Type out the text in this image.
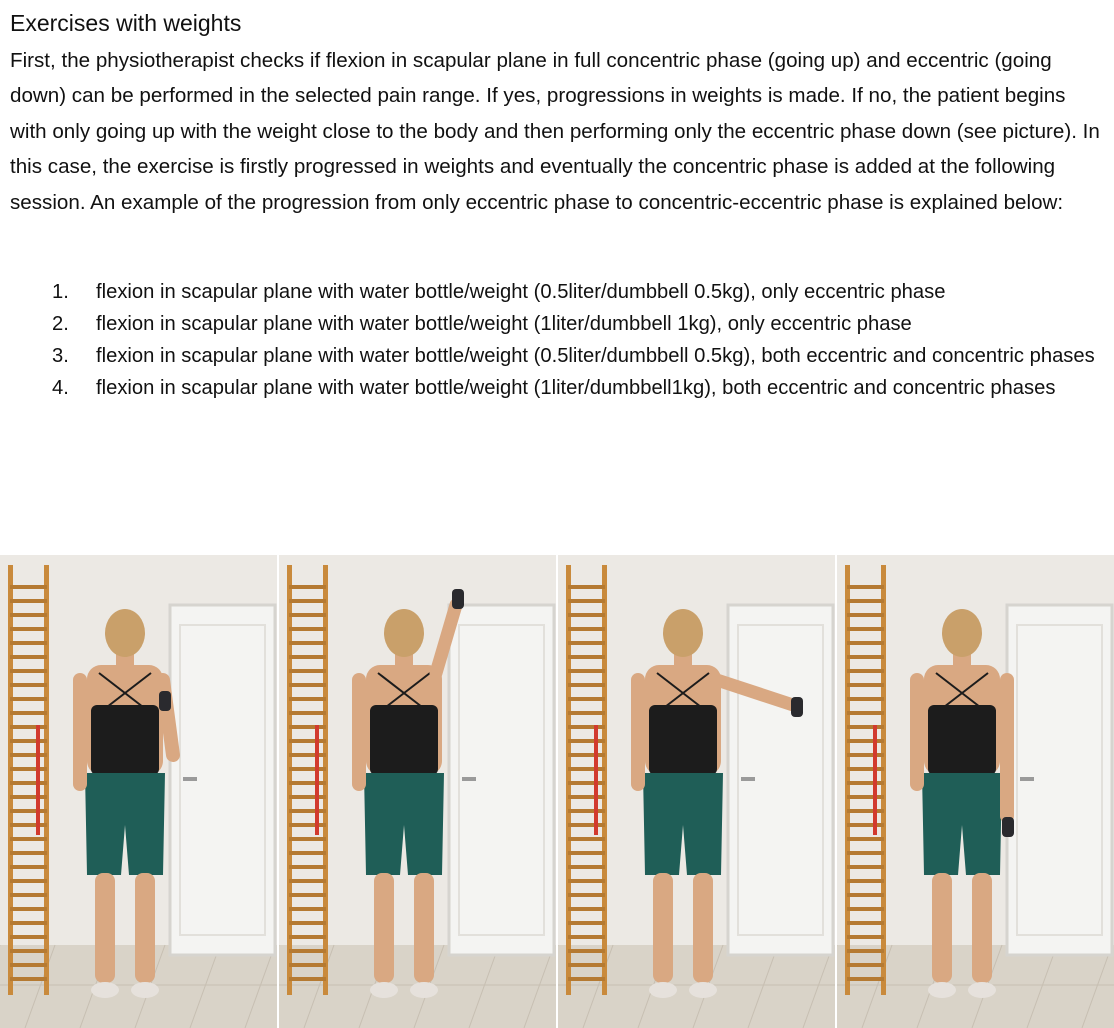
Exercises with weights

First, the physiotherapist checks if flexion in scapular plane in full concentric phase (going up) and eccentric (going down) can be performed in the selected pain range. If yes, progressions in weights is made. If no, the patient begins with only going up with the weight close to the body and then performing only the eccentric phase down (see picture). In this case, the exercise is firstly progressed in weights and eventually the concentric phase is added at the following session. An example of the progression from only eccentric phase to concentric-eccentric phase is explained below:

1. flexion in scapular plane with water bottle/weight (0.5liter/dumbbell 0.5kg), only eccentric phase
2. flexion in scapular plane with water bottle/weight (1liter/dumbbell 1kg), only eccentric phase
3. flexion in scapular plane with water bottle/weight (0.5liter/dumbbell 0.5kg), both eccentric and concentric phases
4. flexion in scapular plane with water bottle/weight (1liter/dumbbell1kg), both eccentric and concentric phases
